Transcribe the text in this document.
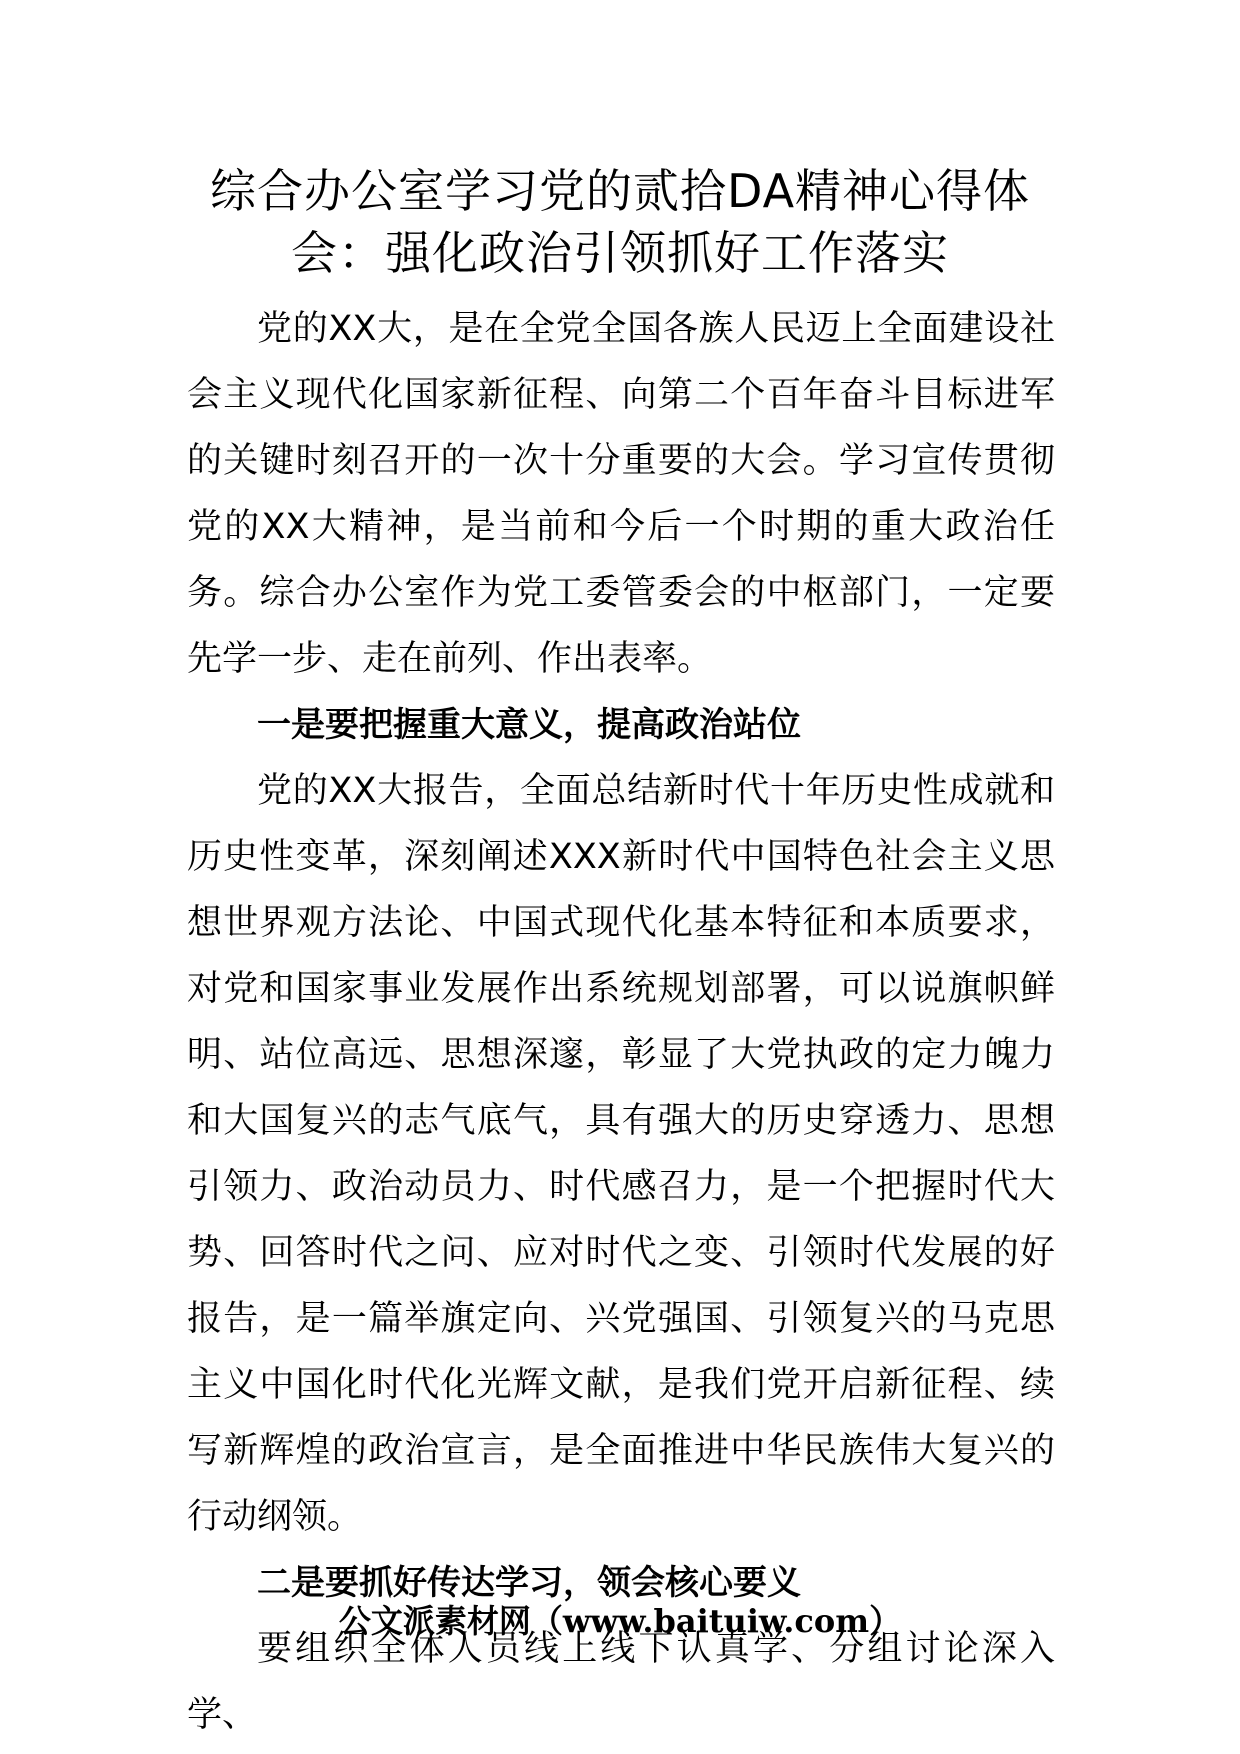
综合办公室学习党的贰拾DA精神心得体
会：强化政治引领抓好工作落实

党的XX大，是在全党全国各族人民迈上全面建设社会主义现代化国家新征程、向第二个百年奋斗目标进军的关键时刻召开的一次十分重要的大会。学习宣传贯彻党的XX大精神，是当前和今后一个时期的重大政治任务。综合办公室作为党工委管委会的中枢部门，一定要先学一步、走在前列、作出表率。

一是要把握重大意义，提高政治站位

党的XX大报告，全面总结新时代十年历史性成就和历史性变革，深刻阐述XXX新时代中国特色社会主义思想世界观方法论、中国式现代化基本特征和本质要求，对党和国家事业发展作出系统规划部署，可以说旗帜鲜明、站位高远、思想深邃，彰显了大党执政的定力魄力和大国复兴的志气底气，具有强大的历史穿透力、思想引领力、政治动员力、时代感召力，是一个把握时代大势、回答时代之问、应对时代之变、引领时代发展的好报告，是一篇举旗定向、兴党强国、引领复兴的马克思主义中国化时代化光辉文献，是我们党开启新征程、续写新辉煌的政治宣言，是全面推进中华民族伟大复兴的行动纲领。

二是要抓好传达学习，领会核心要义

要组织全体人员线上线下认真学、分组讨论深入学、

公文派素材网（www.baituiw.com）
